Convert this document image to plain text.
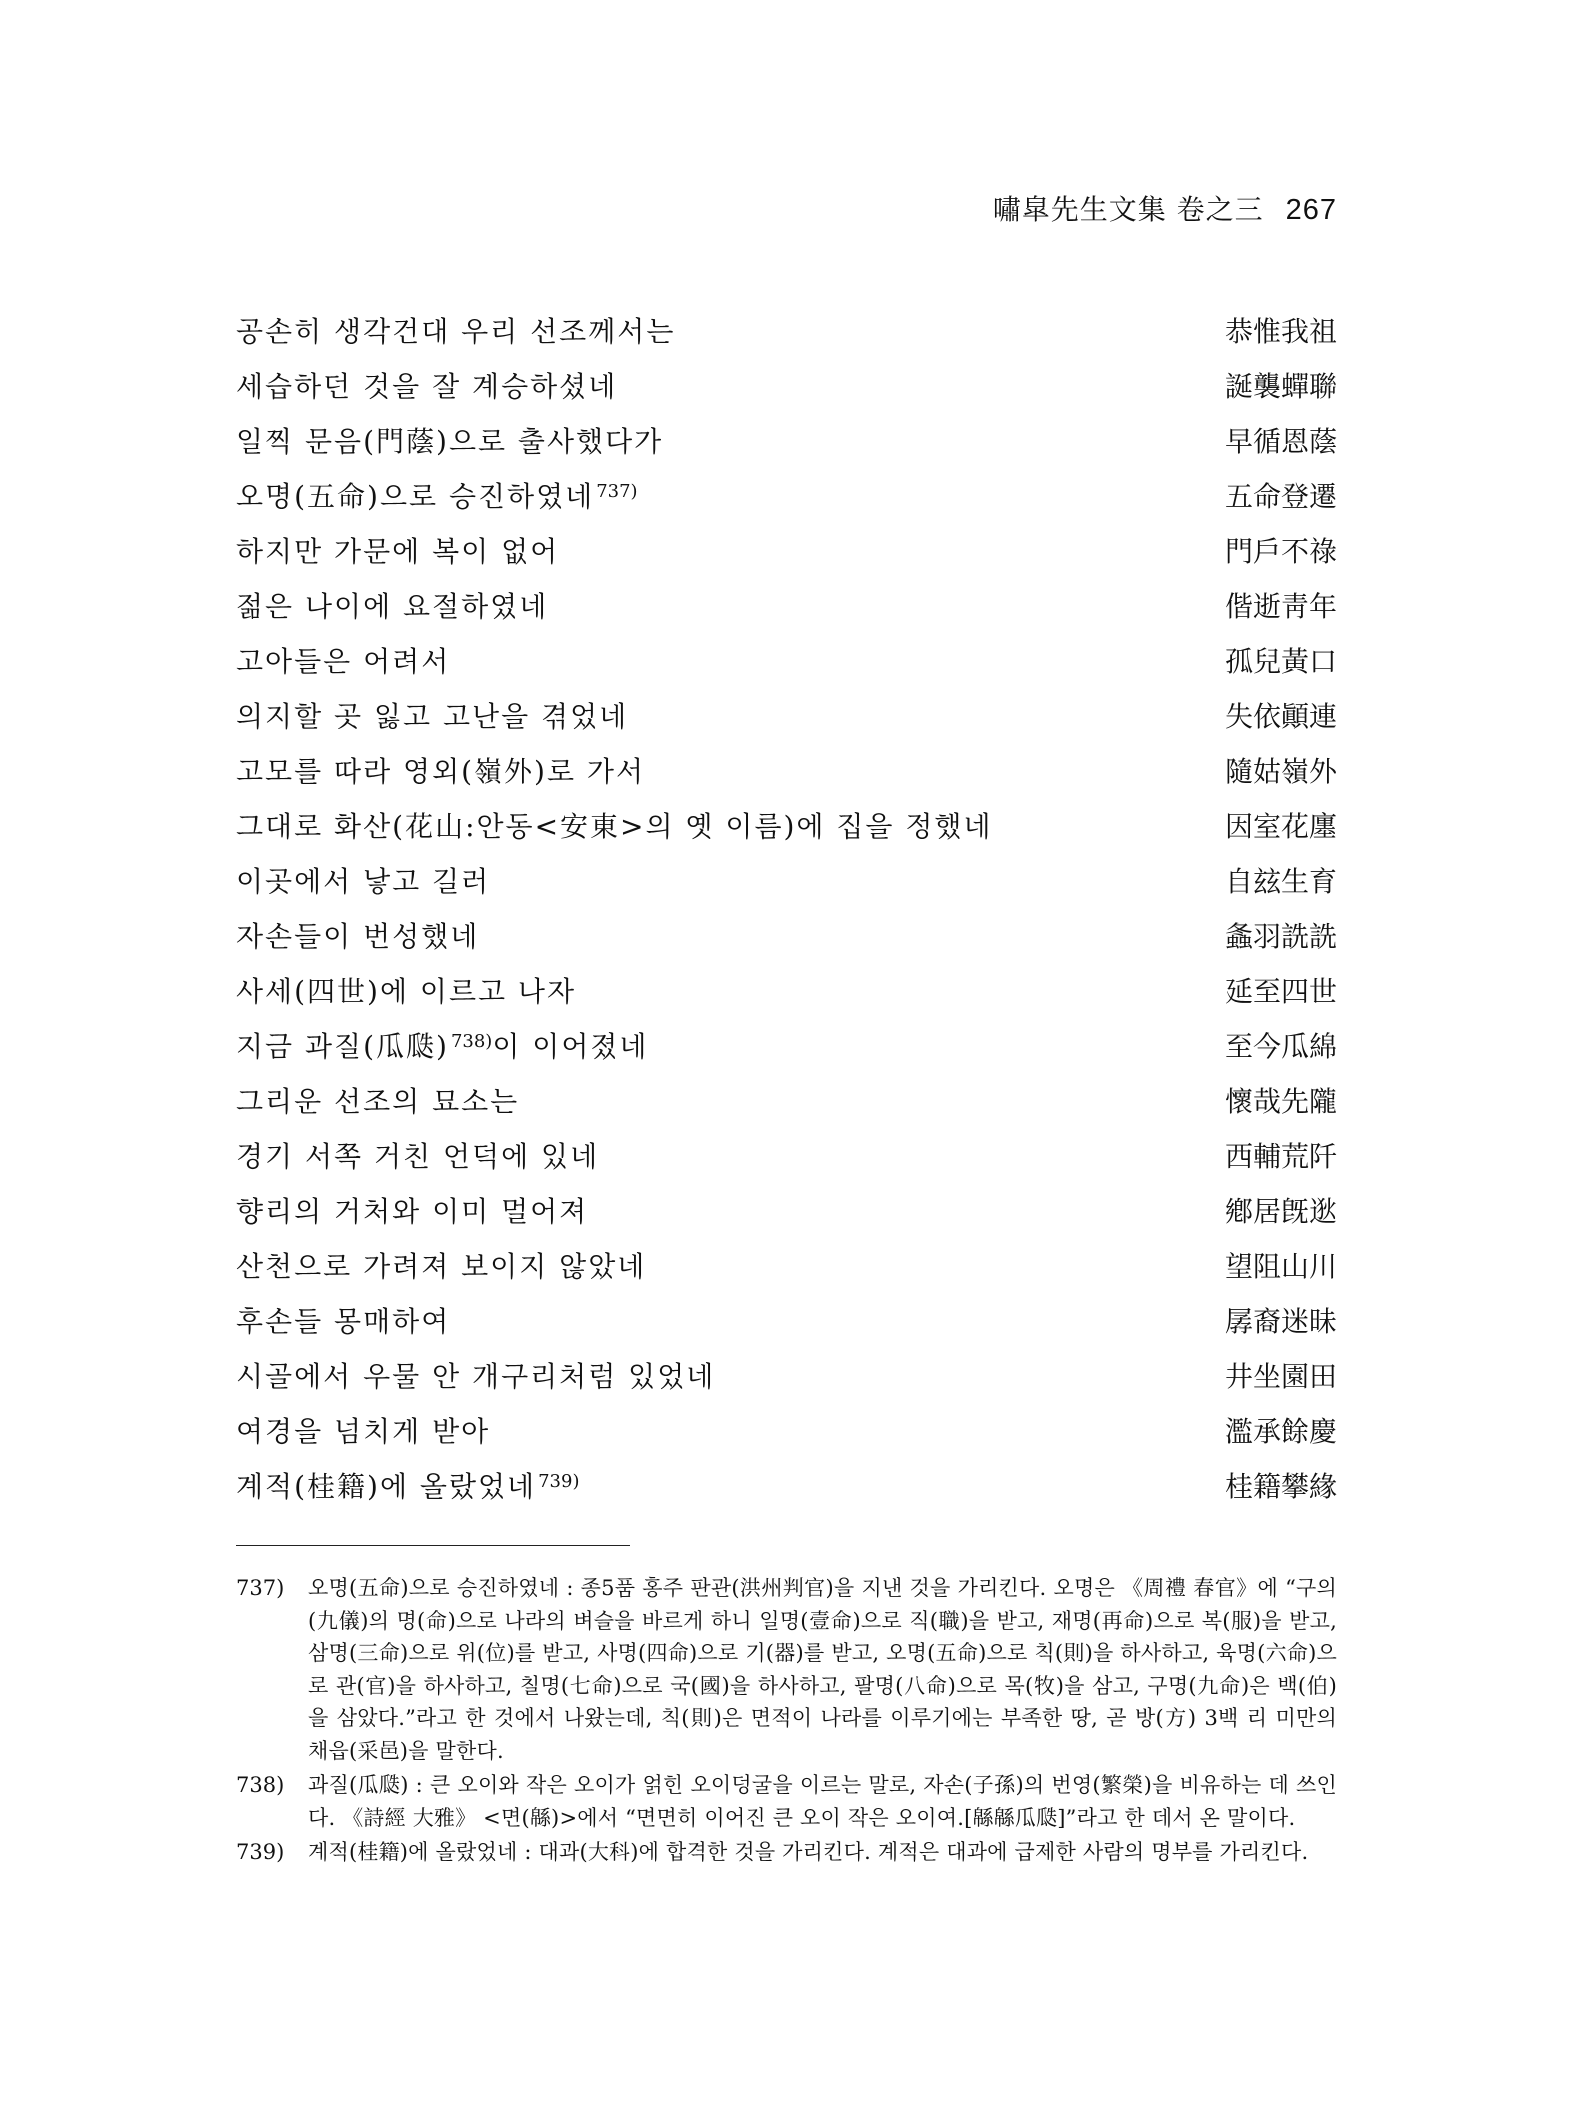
嘯皐先生文集 卷之三 267
공손히 생각건대 우리 선조께서는	恭惟我祖
세습하던 것을 잘 계승하셨네	誕襲蟬聯
일찍 문음(門蔭)으로 출사했다가	早循恩蔭
오명(五命)으로 승진하였네 $^{737)}$	五命登遷
하지만 가문에 복이 없어	門戶不祿
젊은 나이에 요절하였네	偕逝靑年
고아들은 어려서	孤兒黃口
의지할 곳 잃고 고난을 겪었네	失依顚連
고모를 따라 영외(嶺外)로 가서	隨姑嶺外
그대로 화산(花山:안동<安東>의 옛 이름)에 집을 정했네	因室花廛
이곳에서 낳고 길러	自玆生育
자손들이 번성했네	螽羽詵詵
사세(四世)에 이르고 나자	延至四世
지금 과질(瓜瓞) $^{738)}$이 이어졌네	至今瓜綿
그리운 선조의 묘소는	懷哉先隴
경기 서쪽 거친 언덕에 있네	西輔荒阡
향리의 거처와 이미 멀어져	鄕居旣逖
산천으로 가려져 보이지 않았네	望阻山川
후손들 몽매하여	孱裔迷昧
시골에서 우물 안 개구리처럼 있었네	井坐園田
여경을 넘치게 받아	濫承餘慶
계적(桂籍)에 올랐었네 $^{739)}$	桂籍攀緣
737)	오명(五命)으로 승진하였네 : 종5품 홍주 판관(洪州判官)을 지낸 것을 가리킨다. 오명은 《周禮 春官》에 “구의(九儀)의 명(命)으로 나라의 벼슬을 바르게 하니 일명(壹命)으로 직(職)을 받고, 재명(再命)으로 복(服)을 받고, 삼명(三命)으로 위(位)를 받고, 사명(四命)으로 기(器)를 받고, 오명(五命)으로 칙(則)을 하사하고, 육명(六命)으로 관(官)을 하사하고, 칠명(七命)으로 국(國)을 하사하고, 팔명(八命)으로 목(牧)을 삼고, 구명(九命)은 백(伯)을 삼았다.”라고 한 것에서 나왔는데, 칙(則)은 면적이 나라를 이루기에는 부족한 땅, 곧 방(方) 3백 리 미만의 채읍(采邑)을 말한다.
738)	과질(瓜瓞) : 큰 오이와 작은 오이가 얽힌 오이덩굴을 이르는 말로, 자손(子孫)의 번영(繁榮)을 비유하는 데 쓰인다. 《詩經 大雅》 <면(緜)>에서 “면면히 이어진 큰 오이 작은 오이여.[緜緜瓜瓞]”라고 한 데서 온 말이다.
739)	계적(桂籍)에 올랐었네 : 대과(大科)에 합격한 것을 가리킨다. 계적은 대과에 급제한 사람의 명부를 가리킨다.
